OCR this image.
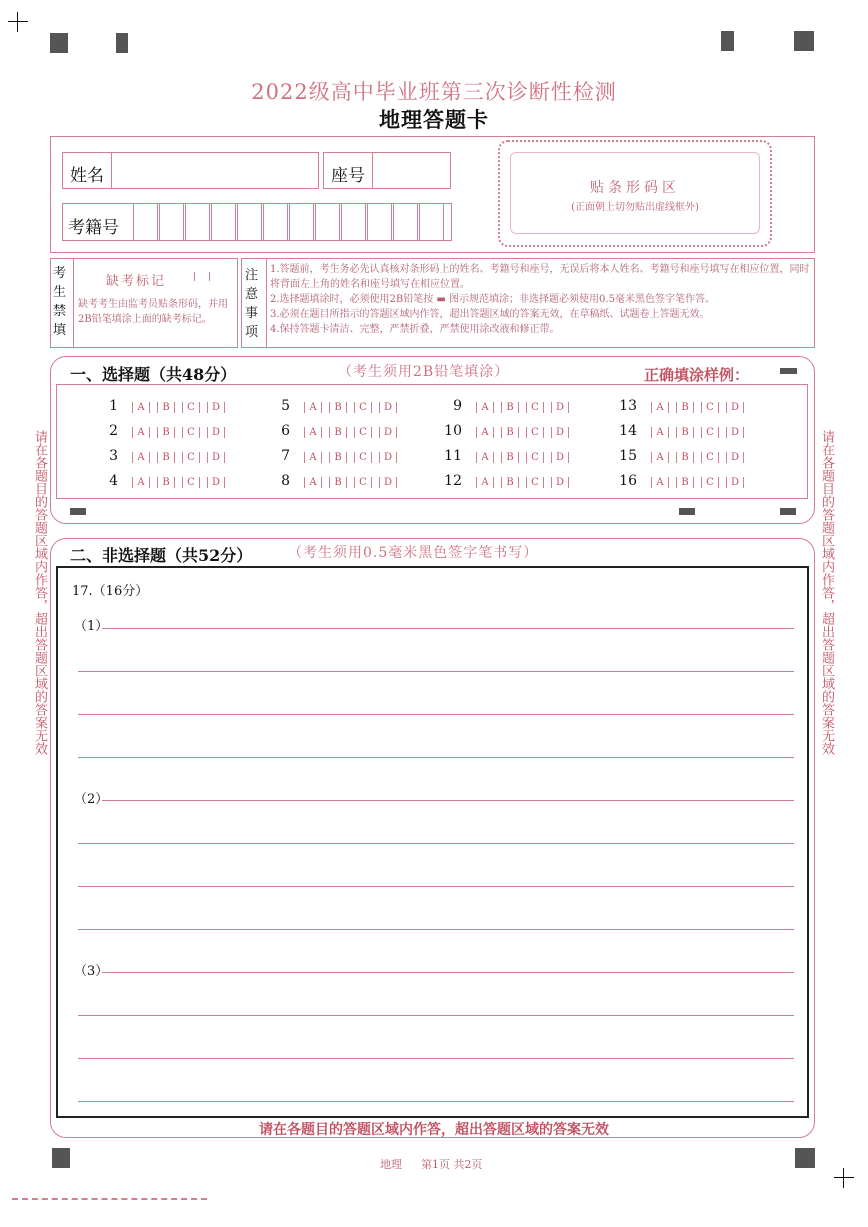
2022级高中毕业班第三次诊断性检测
地理答题卡
姓名	座号
考籍号
贴条形码区
(正面朝上切勿贴出虚线框外)
考生禁填
缺考标记
缺考考生由监考员贴条形码，并用2B铅笔填涂上面的缺考标记。
注意事项
1.答题前，考生务必先认真核对条形码上的姓名、考籍号和座号，无误后将本人姓名、考籍号和座号填写在相应位置，同时将背面左上角的姓名和座号填写在相应位置。
2.选择题填涂时，必须使用2B铅笔按 ▬ 图示规范填涂；非选择题必须使用0.5毫米黑色签字笔作答。
3.必须在题目所指示的答题区域内作答，超出答题区域的答案无效，在草稿纸、试题卷上答题无效。
4.保持答题卡清洁、完整，严禁折叠，严禁使用涂改液和修正带。
一、选择题（共48分）	（考生须用2B铅笔填涂）	正确填涂样例：
1	A	B	C	D
2	A	B	C	D
3	A	B	C	D
4	A	B	C	D
5	A	B	C	D
6	A	B	C	D
7	A	B	C	D
8	A	B	C	D
9	A	B	C	D
10	A	B	C	D
11	A	B	C	D
12	A	B	C	D
13	A	B	C	D
14	A	B	C	D
15	A	B	C	D
16	A	B	C	D
请在各题目的答题区域内作答，超出答题区域的答案无效	请在各题目的答题区域内作答，超出答题区域的答案无效
二、非选择题（共52分）	（考生须用0.5毫米黑色签字笔书写）
17.（16分）
（1）
（2）
（3）
请在各题目的答题区域内作答，超出答题区域的答案无效
地理 第1页 共2页
